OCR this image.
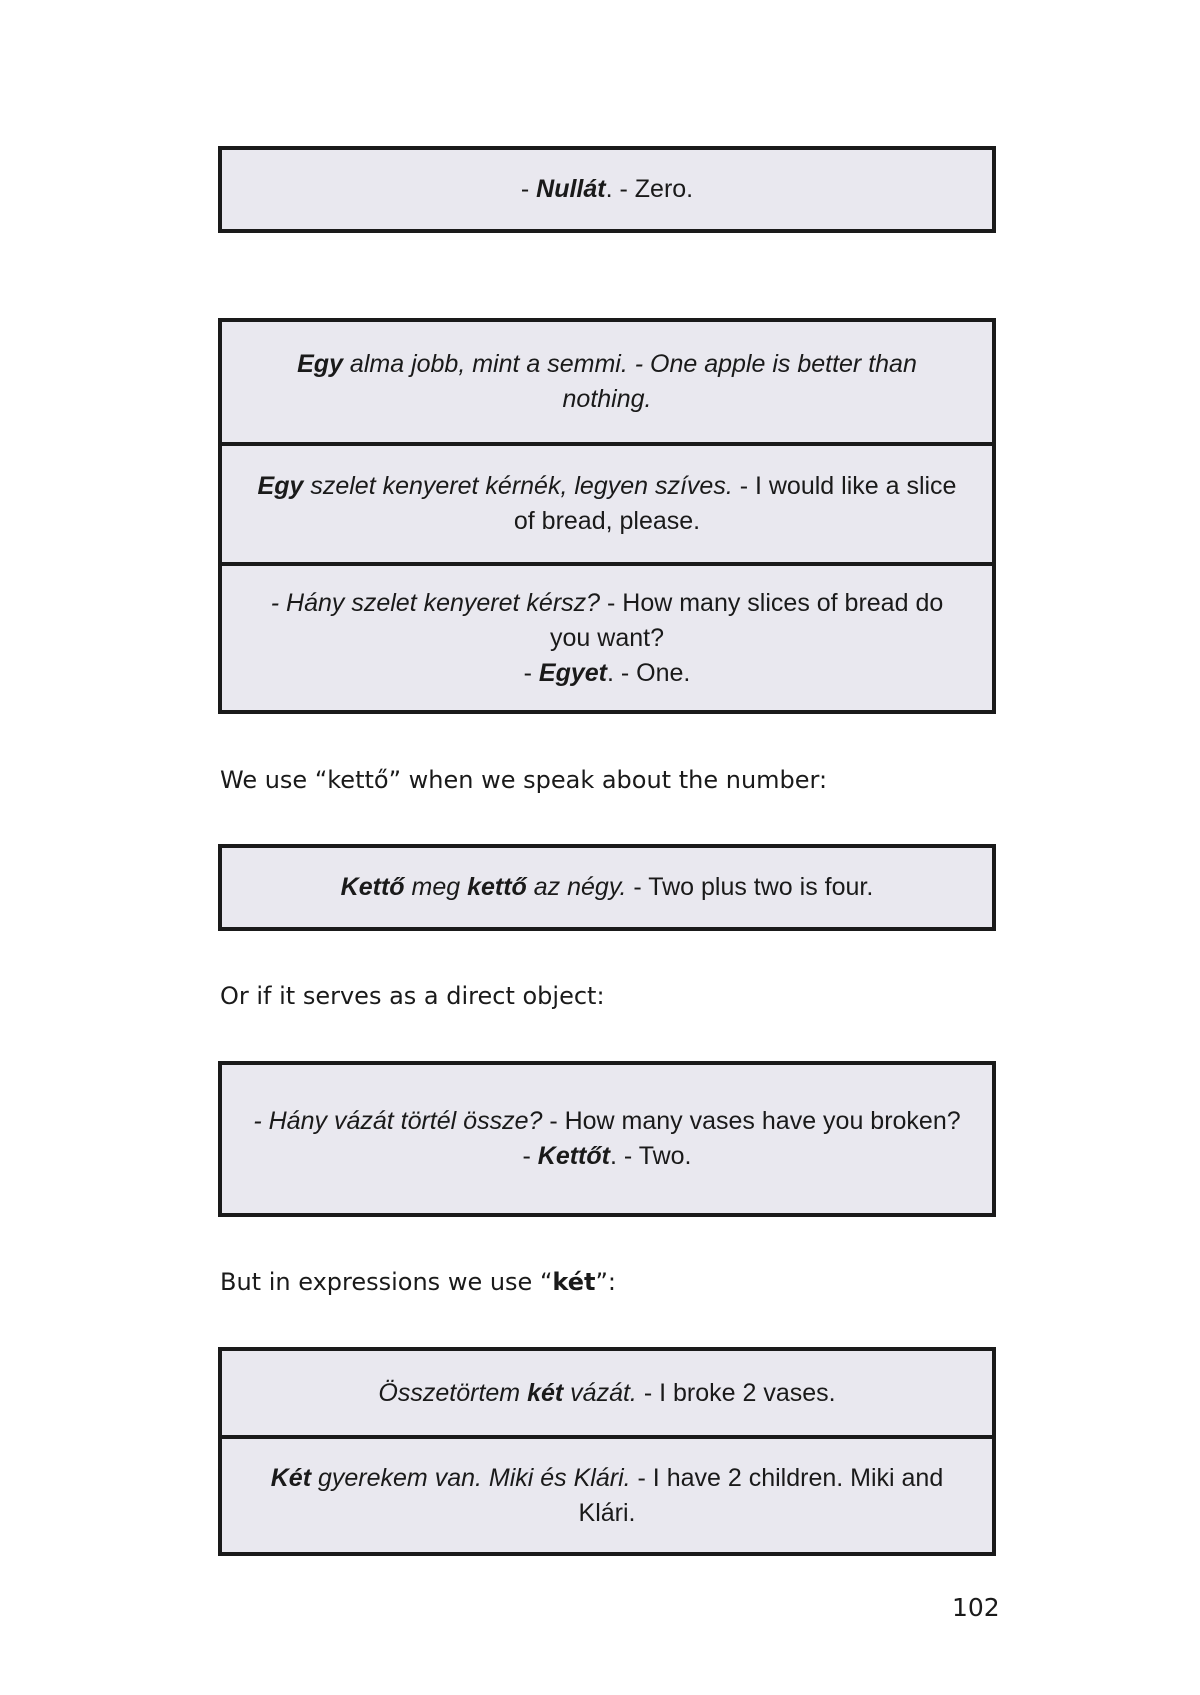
- Nullát. - Zero.
Egy alma jobb, mint a semmi. - One apple is better than nothing.
Egy szelet kenyeret kérnék, legyen szíves. - I would like a slice of bread, please.
- Hány szelet kenyeret kérsz? - How many slices of bread do you want?
- Egyet. - One.
We use “kettő” when we speak about the number:
Kettő meg kettő az négy. - Two plus two is four.
Or if it serves as a direct object:
- Hány vázát törtél össze? - How many vases have you broken?
- Kettőt. - Two.
But in expressions we use “két”:
Összetörtem két vázát. - I broke 2 vases.
Két gyerekem van. Miki és Klári. - I have 2 children. Miki and Klári.
102
